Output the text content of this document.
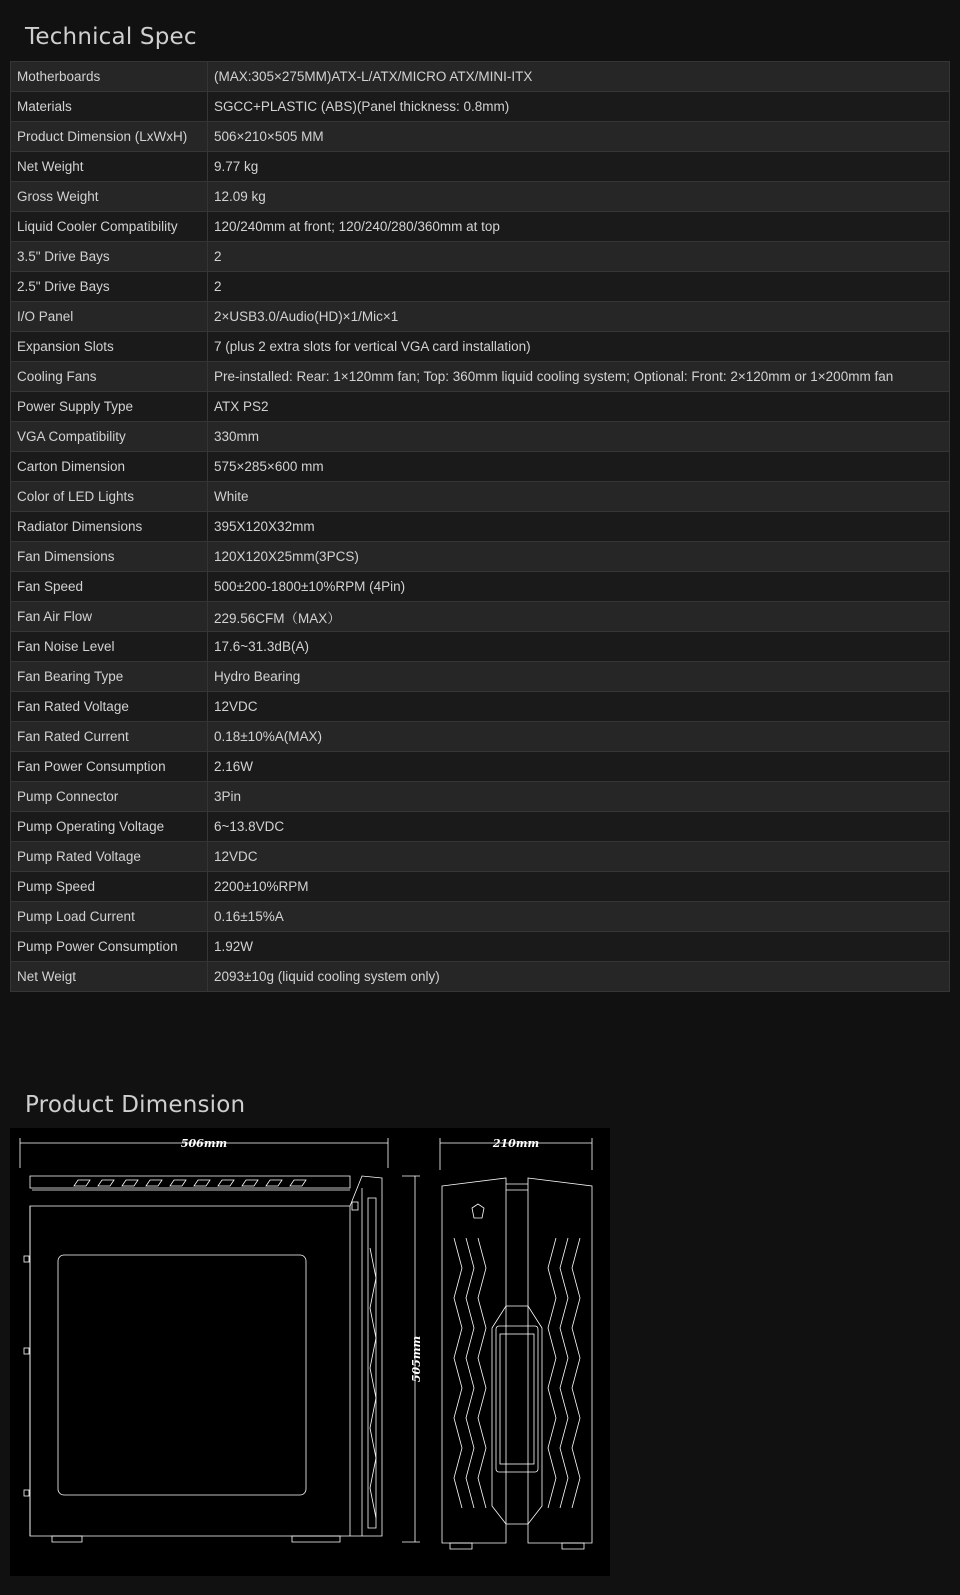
Technical Spec
Motherboards	(MAX:305×275MM)ATX-L/ATX/MICRO ATX/MINI-ITX
Materials	SGCC+PLASTIC (ABS)(Panel thickness: 0.8mm)
Product Dimension (LxWxH)	506×210×505 MM
Net Weight	9.77 kg
Gross Weight	12.09 kg
Liquid Cooler Compatibility	120/240mm at front; 120/240/280/360mm at top
3.5" Drive Bays	2
2.5" Drive Bays	2
I/O Panel	2×USB3.0/Audio(HD)×1/Mic×1
Expansion Slots	7 (plus 2 extra slots for vertical VGA card installation)
Cooling Fans	Pre-installed: Rear: 1×120mm fan; Top: 360mm liquid cooling system; Optional: Front: 2×120mm or 1×200mm fan
Power Supply Type	ATX PS2
VGA Compatibility	330mm
Carton Dimension	575×285×600 mm
Color of LED Lights	White
Radiator Dimensions	395X120X32mm
Fan Dimensions	120X120X25mm(3PCS)
Fan Speed	500±200-1800±10%RPM (4Pin)
Fan Air Flow	229.56CFM（MAX）
Fan Noise Level	17.6~31.3dB(A)
Fan Bearing Type	Hydro Bearing
Fan Rated Voltage	12VDC
Fan Rated Current	0.18±10%A(MAX)
Fan Power Consumption	2.16W
Pump Connector	3Pin
Pump Operating Voltage	6~13.8VDC
Pump Rated Voltage	12VDC
Pump Speed	2200±10%RPM
Pump Load Current	0.16±15%A
Pump Power Consumption	1.92W
Net Weigt	2093±10g (liquid cooling system only)
Product Dimension
506mm	210mm
505mm
